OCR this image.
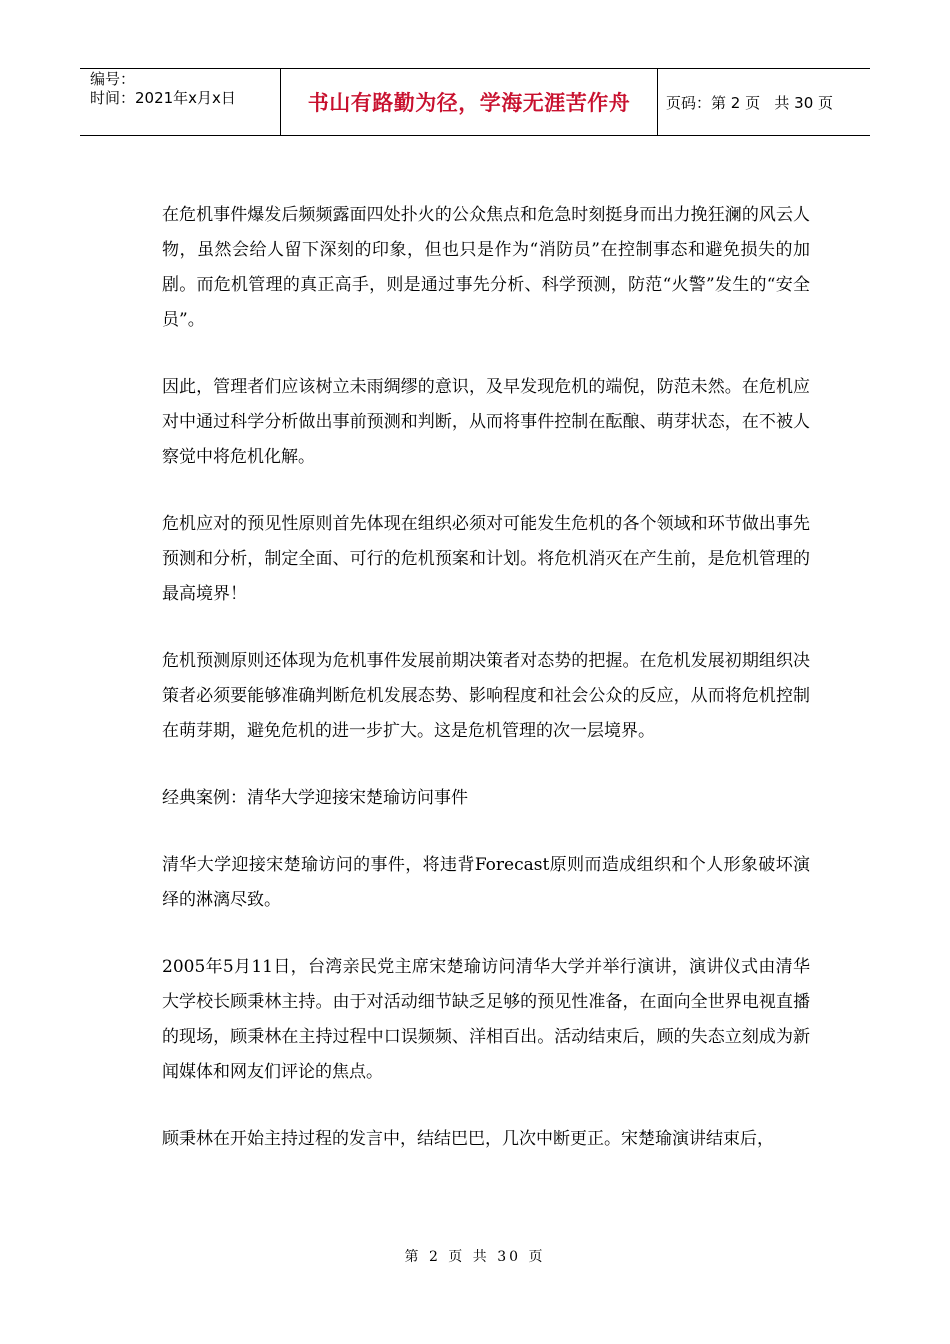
编号：
时间：2021年x月x日	书山有路勤为径，学海无涯苦作舟	页码：第 2 页   共 30 页

在危机事件爆发后频频露面四处扑火的公众焦点和危急时刻挺身而出力挽狂澜的风云人物，虽然会给人留下深刻的印象，但也只是作为“消防员”在控制事态和避免损失的加剧。而危机管理的真正高手，则是通过事先分析、科学预测，防范“火警”发生的“安全员”。

因此，管理者们应该树立未雨绸缪的意识，及早发现危机的端倪，防范未然。在危机应对中通过科学分析做出事前预测和判断，从而将事件控制在酝酿、萌芽状态，在不被人察觉中将危机化解。

危机应对的预见性原则首先体现在组织必须对可能发生危机的各个领域和环节做出事先预测和分析，制定全面、可行的危机预案和计划。将危机消灭在产生前，是危机管理的最高境界！

危机预测原则还体现为危机事件发展前期决策者对态势的把握。在危机发展初期组织决策者必须要能够准确判断危机发展态势、影响程度和社会公众的反应，从而将危机控制在萌芽期，避免危机的进一步扩大。这是危机管理的次一层境界。

经典案例：清华大学迎接宋楚瑜访问事件

清华大学迎接宋楚瑜访问的事件，将违背Forecast原则而造成组织和个人形象破坏演绎的淋漓尽致。

2005年5月11日，台湾亲民党主席宋楚瑜访问清华大学并举行演讲，演讲仪式由清华大学校长顾秉林主持。由于对活动细节缺乏足够的预见性准备，在面向全世界电视直播的现场，顾秉林在主持过程中口误频频、洋相百出。活动结束后，顾的失态立刻成为新闻媒体和网友们评论的焦点。

顾秉林在开始主持过程的发言中，结结巴巴，几次中断更正。宋楚瑜演讲结束后，

第 2 页 共 30 页
